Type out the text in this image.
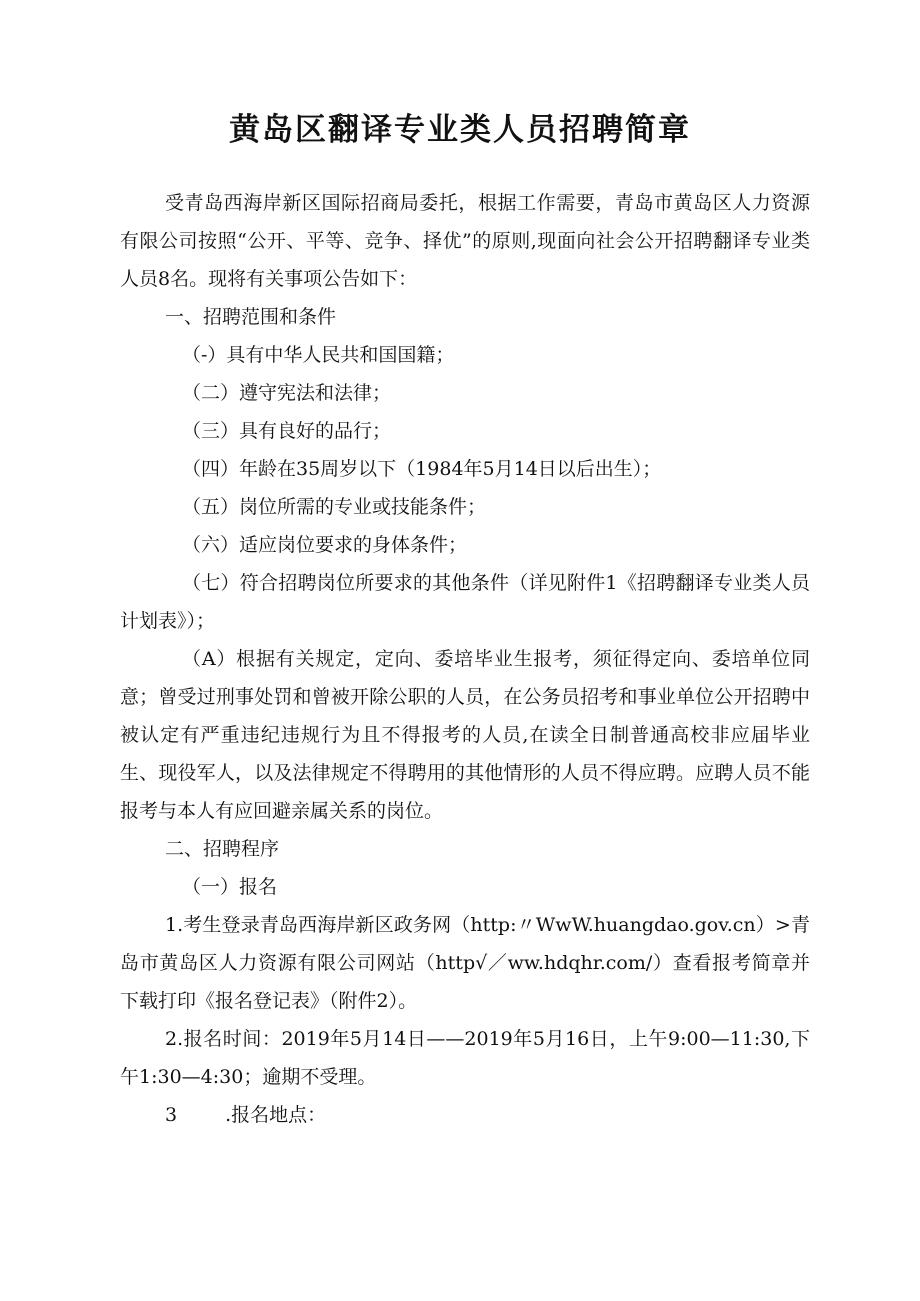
黄岛区翻译专业类人员招聘简章

受青岛西海岸新区国际招商局委托，根据工作需要，青岛市黄岛区人力资源有限公司按照“公开、平等、竞争、择优”的原则,现面向社会公开招聘翻译专业类人员8名。现将有关事项公告如下：

一、招聘范围和条件

（-）具有中华人民共和国国籍；

（二）遵守宪法和法律；

（三）具有良好的品行；

（四）年龄在35周岁以下（1984年5月14日以后出生）；

（五）岗位所需的专业或技能条件；

（六）适应岗位要求的身体条件；

（七）符合招聘岗位所要求的其他条件（详见附件1《招聘翻译专业类人员计划表》）；

（A）根据有关规定，定向、委培毕业生报考，须征得定向、委培单位同意；曾受过刑事处罚和曾被开除公职的人员，在公务员招考和事业单位公开招聘中被认定有严重违纪违规行为且不得报考的人员,在读全日制普通高校非应届毕业生、现役军人，以及法律规定不得聘用的其他情形的人员不得应聘。应聘人员不能报考与本人有应回避亲属关系的岗位。

二、招聘程序

（一）报名

1.考生登录青岛西海岸新区政务网（http:〃WwW.huangdao.gov.cn）>青岛市黄岛区人力资源有限公司网站（http√／ww.hdqhr.com/）查看报考简章并下载打印《报名登记表》（附件2）。

2.报名时间：2019年5月14日——2019年5月16日，上午9:00—11:30,下午1:30—4:30；逾期不受理。

3	.报名地点：
